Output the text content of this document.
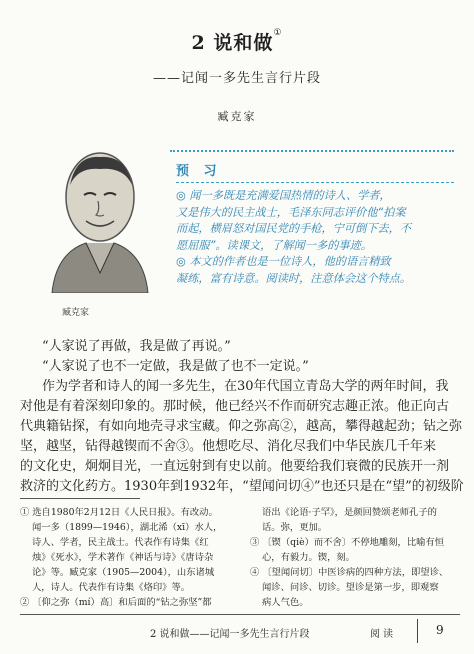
2 说和做①
——记闻一多先生言行片段
臧克家
臧克家
预 习
◎ 闻一多既是充满爱国热情的诗人、学者，
又是伟大的民主战士，毛泽东同志评价他“拍案
而起，横眉怒对国民党的手枪，宁可倒下去，不
愿屈服”。读课文，了解闻一多的事迹。
◎ 本文的作者也是一位诗人，他的语言精致
凝练，富有诗意。阅读时，注意体会这个特点。
“人家说了再做，我是做了再说。”
“人家说了也不一定做，我是做了也不一定说。”
作为学者和诗人的闻一多先生，在30年代国立青岛大学的两年时间，我
对他是有着深刻印象的。那时候，他已经兴不作而研究志趣正浓。他正向古
代典籍钻探，有如向地壳寻求宝藏。仰之弥高②，越高，攀得越起劲；钻之弥
坚，越坚，钻得越锲而不舍③。他想吃尽、消化尽我们中华民族几千年来
的文化史，炯炯目光，一直远射到有史以前。他要给我们衰微的民族开一剂
救济的文化药方。1930年到1932年，“望闻问切④”也还只是在“望”的初级阶
① 选自1980年2月12日《人民日报》。有改动。
闻一多（1899—1946），湖北浠（xī）水人，
诗人、学者，民主战士。代表作有诗集《红
烛》《死水》，学术著作《神话与诗》《唐诗杂
论》等。臧克家（1905—2004），山东诸城
人，诗人。代表作有诗集《烙印》等。
② 〔仰之弥（mí）高〕和后面的“钻之弥坚”都
语出《论语·子罕》，是颜回赞颂老师孔子的
话。弥，更加。
③ 〔锲（qiè）而不舍〕不停地雕刻，比喻有恒
心，有毅力。锲，刻。
④ 〔望闻问切〕中医诊病的四种方法，即望诊、
闻诊、问诊、切诊。望诊是第一步，即观察
病人气色。
2 说和做——记闻一多先生言行片段	阅读	9
